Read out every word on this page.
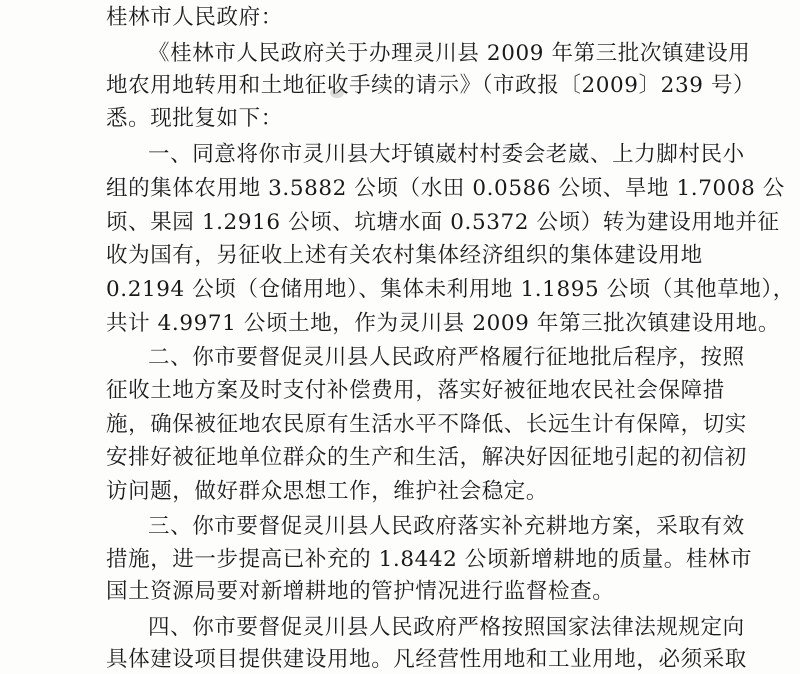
桂林市人民政府：
《桂林市人民政府关于办理灵川县 2009 年第三批次镇建设用
地农用地转用和土地征收手续的请示》（市政报〔2009〕239 号）
悉。现批复如下：
一、同意将你市灵川县大圩镇崴村村委会老崴、上力脚村民小
组的集体农用地 3.5882 公顷（水田 0.0586 公顷、旱地 1.7008 公
顷、果园 1.2916 公顷、坑塘水面 0.5372 公顷）转为建设用地并征
收为国有，另征收上述有关农村集体经济组织的集体建设用地
0.2194 公顷（仓储用地）、集体未利用地 1.1895 公顷（其他草地），
共计 4.9971 公顷土地，作为灵川县 2009 年第三批次镇建设用地。
二、你市要督促灵川县人民政府严格履行征地批后程序，按照
征收土地方案及时支付补偿费用，落实好被征地农民社会保障措
施，确保被征地农民原有生活水平不降低、长远生计有保障，切实
安排好被征地单位群众的生产和生活，解决好因征地引起的初信初
访问题，做好群众思想工作，维护社会稳定。
三、你市要督促灵川县人民政府落实补充耕地方案，采取有效
措施，进一步提高已补充的 1.8442 公顷新增耕地的质量。桂林市
国土资源局要对新增耕地的管护情况进行监督检查。
四、你市要督促灵川县人民政府严格按照国家法律法规规定向
具体建设项目提供建设用地。凡经营性用地和工业用地，必须采取
